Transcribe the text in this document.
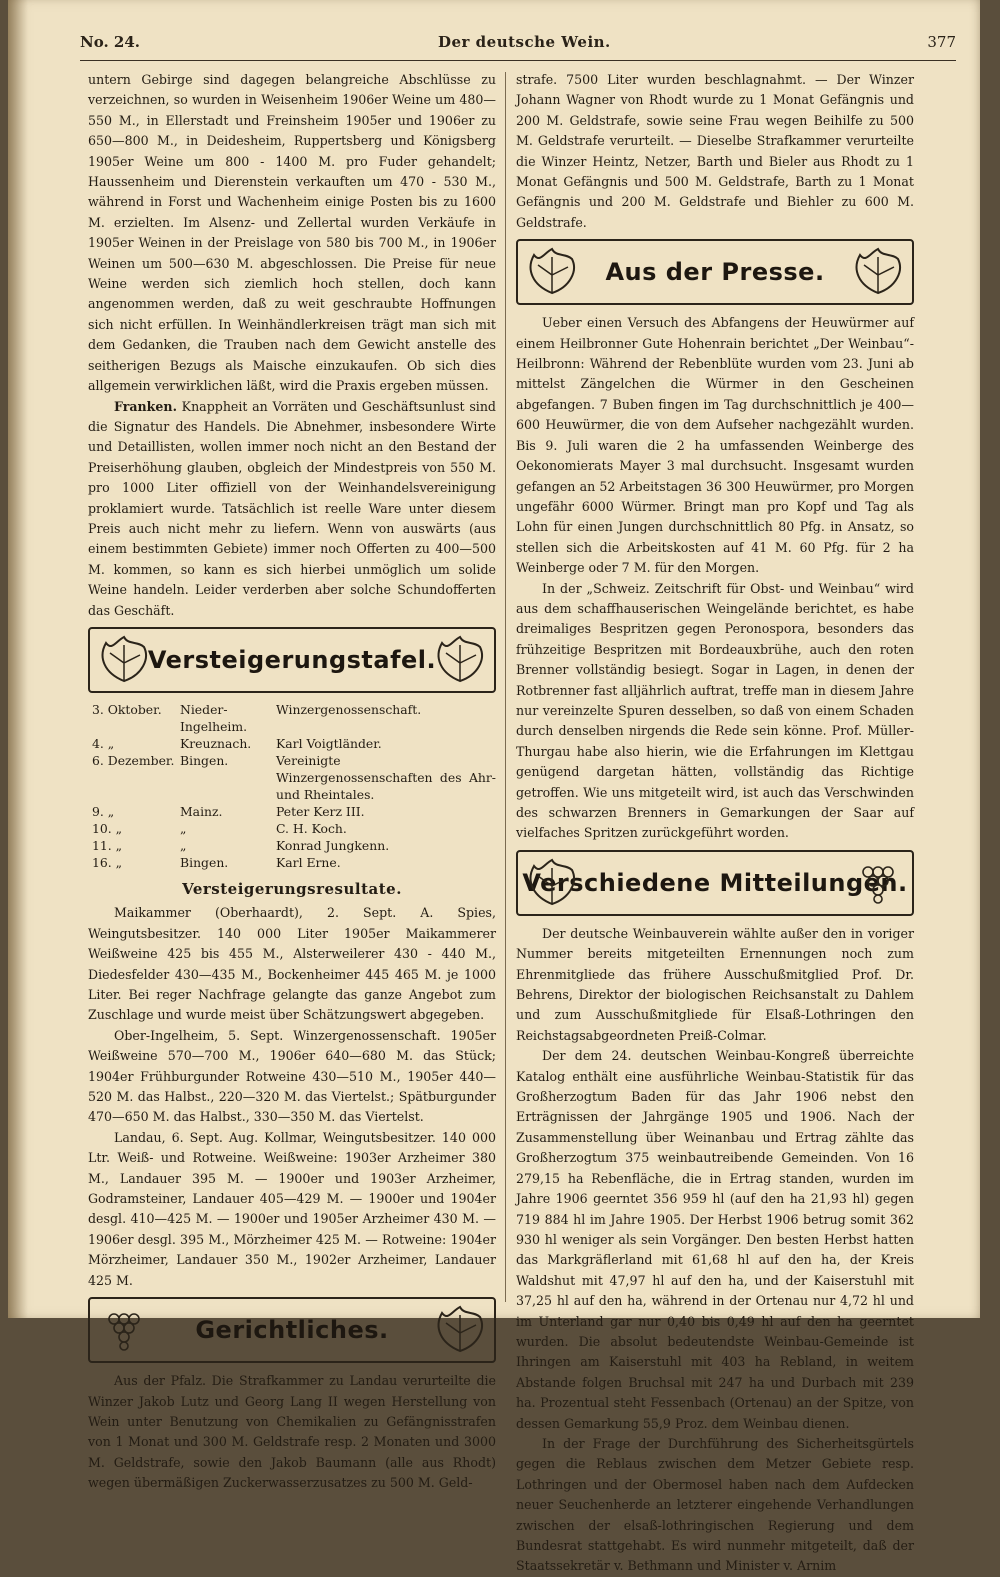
No. 24.	Der deutsche Wein.	377

untern Gebirge sind dagegen belangreiche Abschlüsse zu verzeichnen, so wurden in Weisenheim 1906er Weine um 480—550 M., in Ellerstadt und Freinsheim 1905er und 1906er zu 650—800 M., in Deidesheim, Ruppertsberg und Königsberg 1905er Weine um 800 - 1400 M. pro Fuder gehandelt; Haussenheim und Dierenstein verkauften um 470 - 530 M., während in Forst und Wachenheim einige Posten bis zu 1600 M. erzielten. Im Alsenz- und Zellertal wurden Verkäufe in 1905er Weinen in der Preislage von 580 bis 700 M., in 1906er Weinen um 500—630 M. abgeschlossen. Die Preise für neue Weine werden sich ziemlich hoch stellen, doch kann angenommen werden, daß zu weit geschraubte Hoffnungen sich nicht erfüllen. In Weinhändlerkreisen trägt man sich mit dem Gedanken, die Trauben nach dem Gewicht anstelle des seitherigen Bezugs als Maische einzukaufen. Ob sich dies allgemein verwirklichen läßt, wird die Praxis ergeben müssen.

Franken. Knappheit an Vorräten und Geschäftsunlust sind die Signatur des Handels. Die Abnehmer, insbesondere Wirte und Detaillisten, wollen immer noch nicht an den Bestand der Preiserhöhung glauben, obgleich der Mindestpreis von 550 M. pro 1000 Liter offiziell von der Weinhandelsvereinigung proklamiert wurde. Tatsächlich ist reelle Ware unter diesem Preis auch nicht mehr zu liefern. Wenn von auswärts (aus einem bestimmten Gebiete) immer noch Offerten zu 400—500 M. kommen, so kann es sich hierbei unmöglich um solide Weine handeln. Leider verderben aber solche Schundofferten das Geschäft.

Versteigerungstafel.
3. Oktober.	Nieder-Ingelheim.	Winzergenossenschaft.
4. „	Kreuznach.	Karl Voigtländer.
6. Dezember.	Bingen.	Vereinigte Winzergenossenschaften des Ahr- und Rheintales.
9. „	Mainz.	Peter Kerz III.
10. „	„	C. H. Koch.
11. „	„	Konrad Jungkenn.
16. „	Bingen.	Karl Erne.
Versteigerungsresultate.

Maikammer (Oberhaardt), 2. Sept. A. Spies, Weingutsbesitzer. 140 000 Liter 1905er Maikammerer Weißweine 425 bis 455 M., Alsterweilerer 430 - 440 M., Diedesfelder 430—435 M., Bockenheimer 445 465 M. je 1000 Liter. Bei reger Nachfrage gelangte das ganze Angebot zum Zuschlage und wurde meist über Schätzungswert abgegeben.

Ober-Ingelheim, 5. Sept. Winzergenossenschaft. 1905er Weißweine 570—700 M., 1906er 640—680 M. das Stück; 1904er Frühburgunder Rotweine 430—510 M., 1905er 440—520 M. das Halbst., 220—320 M. das Viertelst.; Spätburgunder 470—650 M. das Halbst., 330—350 M. das Viertelst.

Landau, 6. Sept. Aug. Kollmar, Weingutsbesitzer. 140 000 Ltr. Weiß- und Rotweine. Weißweine: 1903er Arzheimer 380 M., Landauer 395 M. — 1900er und 1903er Arzheimer, Godramsteiner, Landauer 405—429 M. — 1900er und 1904er desgl. 410—425 M. — 1900er und 1905er Arzheimer 430 M. — 1906er desgl. 395 M., Mörzheimer 425 M. — Rotweine: 1904er Mörzheimer, Landauer 350 M., 1902er Arzheimer, Landauer 425 M.

Gerichtliches.

Aus der Pfalz. Die Strafkammer zu Landau verurteilte die Winzer Jakob Lutz und Georg Lang II wegen Herstellung von Wein unter Benutzung von Chemikalien zu Gefängnisstrafen von 1 Monat und 300 M. Geldstrafe resp. 2 Monaten und 3000 M. Geldstrafe, sowie den Jakob Baumann (alle aus Rhodt) wegen übermäßigen Zuckerwasserzusatzes zu 500 M. Geld-

strafe. 7500 Liter wurden beschlagnahmt. — Der Winzer Johann Wagner von Rhodt wurde zu 1 Monat Gefängnis und 200 M. Geldstrafe, sowie seine Frau wegen Beihilfe zu 500 M. Geldstrafe verurteilt. — Dieselbe Strafkammer verurteilte die Winzer Heintz, Netzer, Barth und Bieler aus Rhodt zu 1 Monat Gefängnis und 500 M. Geldstrafe, Barth zu 1 Monat Gefängnis und 200 M. Geldstrafe und Biehler zu 600 M. Geldstrafe.

Aus der Presse.

Ueber einen Versuch des Abfangens der Heuwürmer auf einem Heilbronner Gute Hohenrain berichtet „Der Weinbau“-Heilbronn: Während der Rebenblüte wurden vom 23. Juni ab mittelst Zängelchen die Würmer in den Gescheinen abgefangen. 7 Buben fingen im Tag durchschnittlich je 400—600 Heuwürmer, die von dem Aufseher nachgezählt wurden. Bis 9. Juli waren die 2 ha umfassenden Weinberge des Oekonomierats Mayer 3 mal durchsucht. Insgesamt wurden gefangen an 52 Arbeitstagen 36 300 Heuwürmer, pro Morgen ungefähr 6000 Würmer. Bringt man pro Kopf und Tag als Lohn für einen Jungen durchschnittlich 80 Pfg. in Ansatz, so stellen sich die Arbeitskosten auf 41 M. 60 Pfg. für 2 ha Weinberge oder 7 M. für den Morgen.

In der „Schweiz. Zeitschrift für Obst- und Weinbau“ wird aus dem schaffhauserischen Weingelände berichtet, es habe dreimaliges Bespritzen gegen Peronospora, besonders das frühzeitige Bespritzen mit Bordeauxbrühe, auch den roten Brenner vollständig besiegt. Sogar in Lagen, in denen der Rotbrenner fast alljährlich auftrat, treffe man in diesem Jahre nur vereinzelte Spuren desselben, so daß von einem Schaden durch denselben nirgends die Rede sein könne. Prof. Müller-Thurgau habe also hierin, wie die Erfahrungen im Klettgau genügend dargetan hätten, vollständig das Richtige getroffen. Wie uns mitgeteilt wird, ist auch das Verschwinden des schwarzen Brenners in Gemarkungen der Saar auf vielfaches Spritzen zurückgeführt worden.

Verschiedene Mitteilungen.

Der deutsche Weinbauverein wählte außer den in voriger Nummer bereits mitgeteilten Ernennungen noch zum Ehrenmitgliede das frühere Ausschußmitglied Prof. Dr. Behrens, Direktor der biologischen Reichsanstalt zu Dahlem und zum Ausschußmitgliede für Elsaß-Lothringen den Reichstagsabgeordneten Preiß-Colmar.

Der dem 24. deutschen Weinbau-Kongreß überreichte Katalog enthält eine ausführliche Weinbau-Statistik für das Großherzogtum Baden für das Jahr 1906 nebst den Erträgnissen der Jahrgänge 1905 und 1906. Nach der Zusammenstellung über Weinanbau und Ertrag zählte das Großherzogtum 375 weinbautreibende Gemeinden. Von 16 279,15 ha Rebenfläche, die in Ertrag standen, wurden im Jahre 1906 geerntet 356 959 hl (auf den ha 21,93 hl) gegen 719 884 hl im Jahre 1905. Der Herbst 1906 betrug somit 362 930 hl weniger als sein Vorgänger. Den besten Herbst hatten das Markgräflerland mit 61,68 hl auf den ha, der Kreis Waldshut mit 47,97 hl auf den ha, und der Kaiserstuhl mit 37,25 hl auf den ha, während in der Ortenau nur 4,72 hl und im Unterland gar nur 0,40 bis 0,49 hl auf den ha geerntet wurden. Die absolut bedeutendste Weinbau-Gemeinde ist Ihringen am Kaiserstuhl mit 403 ha Rebland, in weitem Abstande folgen Bruchsal mit 247 ha und Durbach mit 239 ha. Prozentual steht Fessenbach (Ortenau) an der Spitze, von dessen Gemarkung 55,9 Proz. dem Weinbau dienen.

In der Frage der Durchführung des Sicherheitsgürtels gegen die Reblaus zwischen dem Metzer Gebiete resp. Lothringen und der Obermosel haben nach dem Aufdecken neuer Seuchenherde an letzterer eingehende Verhandlungen zwischen der elsaß-lothringischen Regierung und dem Bundesrat stattgehabt. Es wird nunmehr mitgeteilt, daß der Staatssekretär v. Bethmann und Minister v. Arnim
